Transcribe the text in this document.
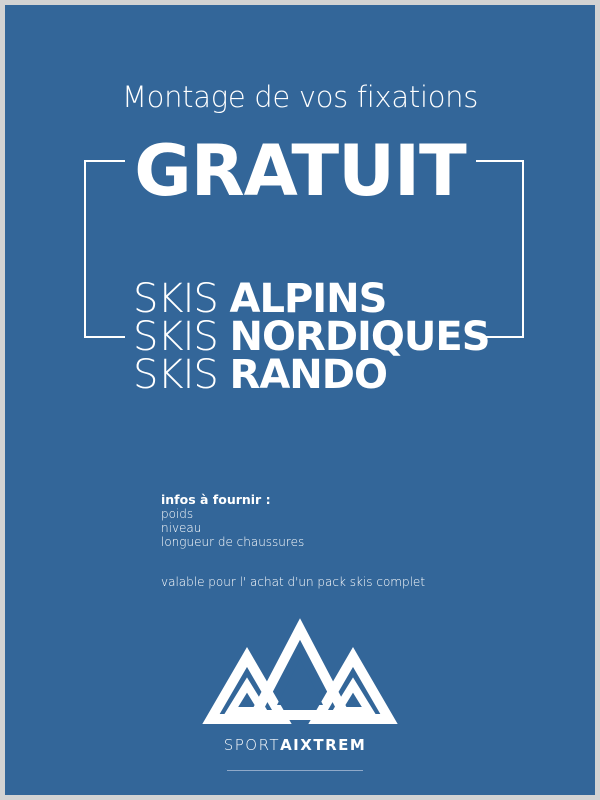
Montage de vos fixations
GRATUIT
SKIS ALPINS
SKIS NORDIQUES
SKIS RANDO
infos à fournir :
poids
niveau
longueur de chaussures
valable pour l' achat d'un pack skis complet
SPORTAIXTREM
